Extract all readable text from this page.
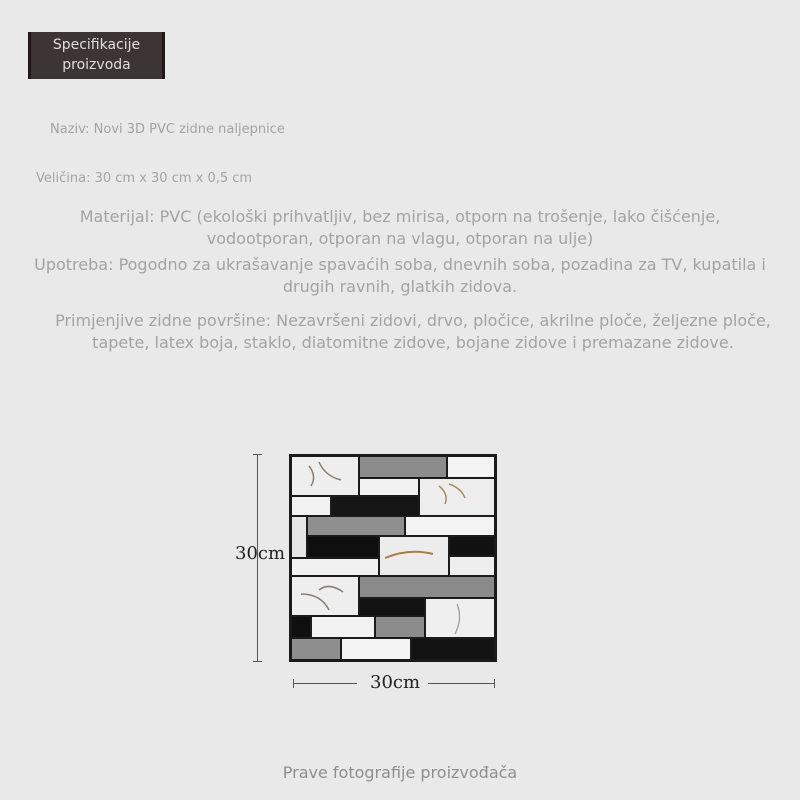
Specifikacije
proizvoda

Naziv: Novi 3D PVC zidne naljepnice

Veličina: 30 cm x 30 cm x 0,5 cm

Materijal: PVC (ekološki prihvatljiv, bez mirisa, otporn na trošenje, lako čišćenje, vodootporan, otporan na vlagu, otporan na ulje)

Upotreba: Pogodno za ukrašavanje spavaćih soba, dnevnih soba, pozadina za TV, kupatila i drugih ravnih, glatkih zidova.

Primjenjive zidne površine: Nezavršeni zidovi, drvo, pločice, akrilne ploče, željezne ploče, tapete, latex boja, staklo, diatomitne zidove, bojane zidove i premazane zidove.

30cm
30cm
Prave fotografije proizvođača
